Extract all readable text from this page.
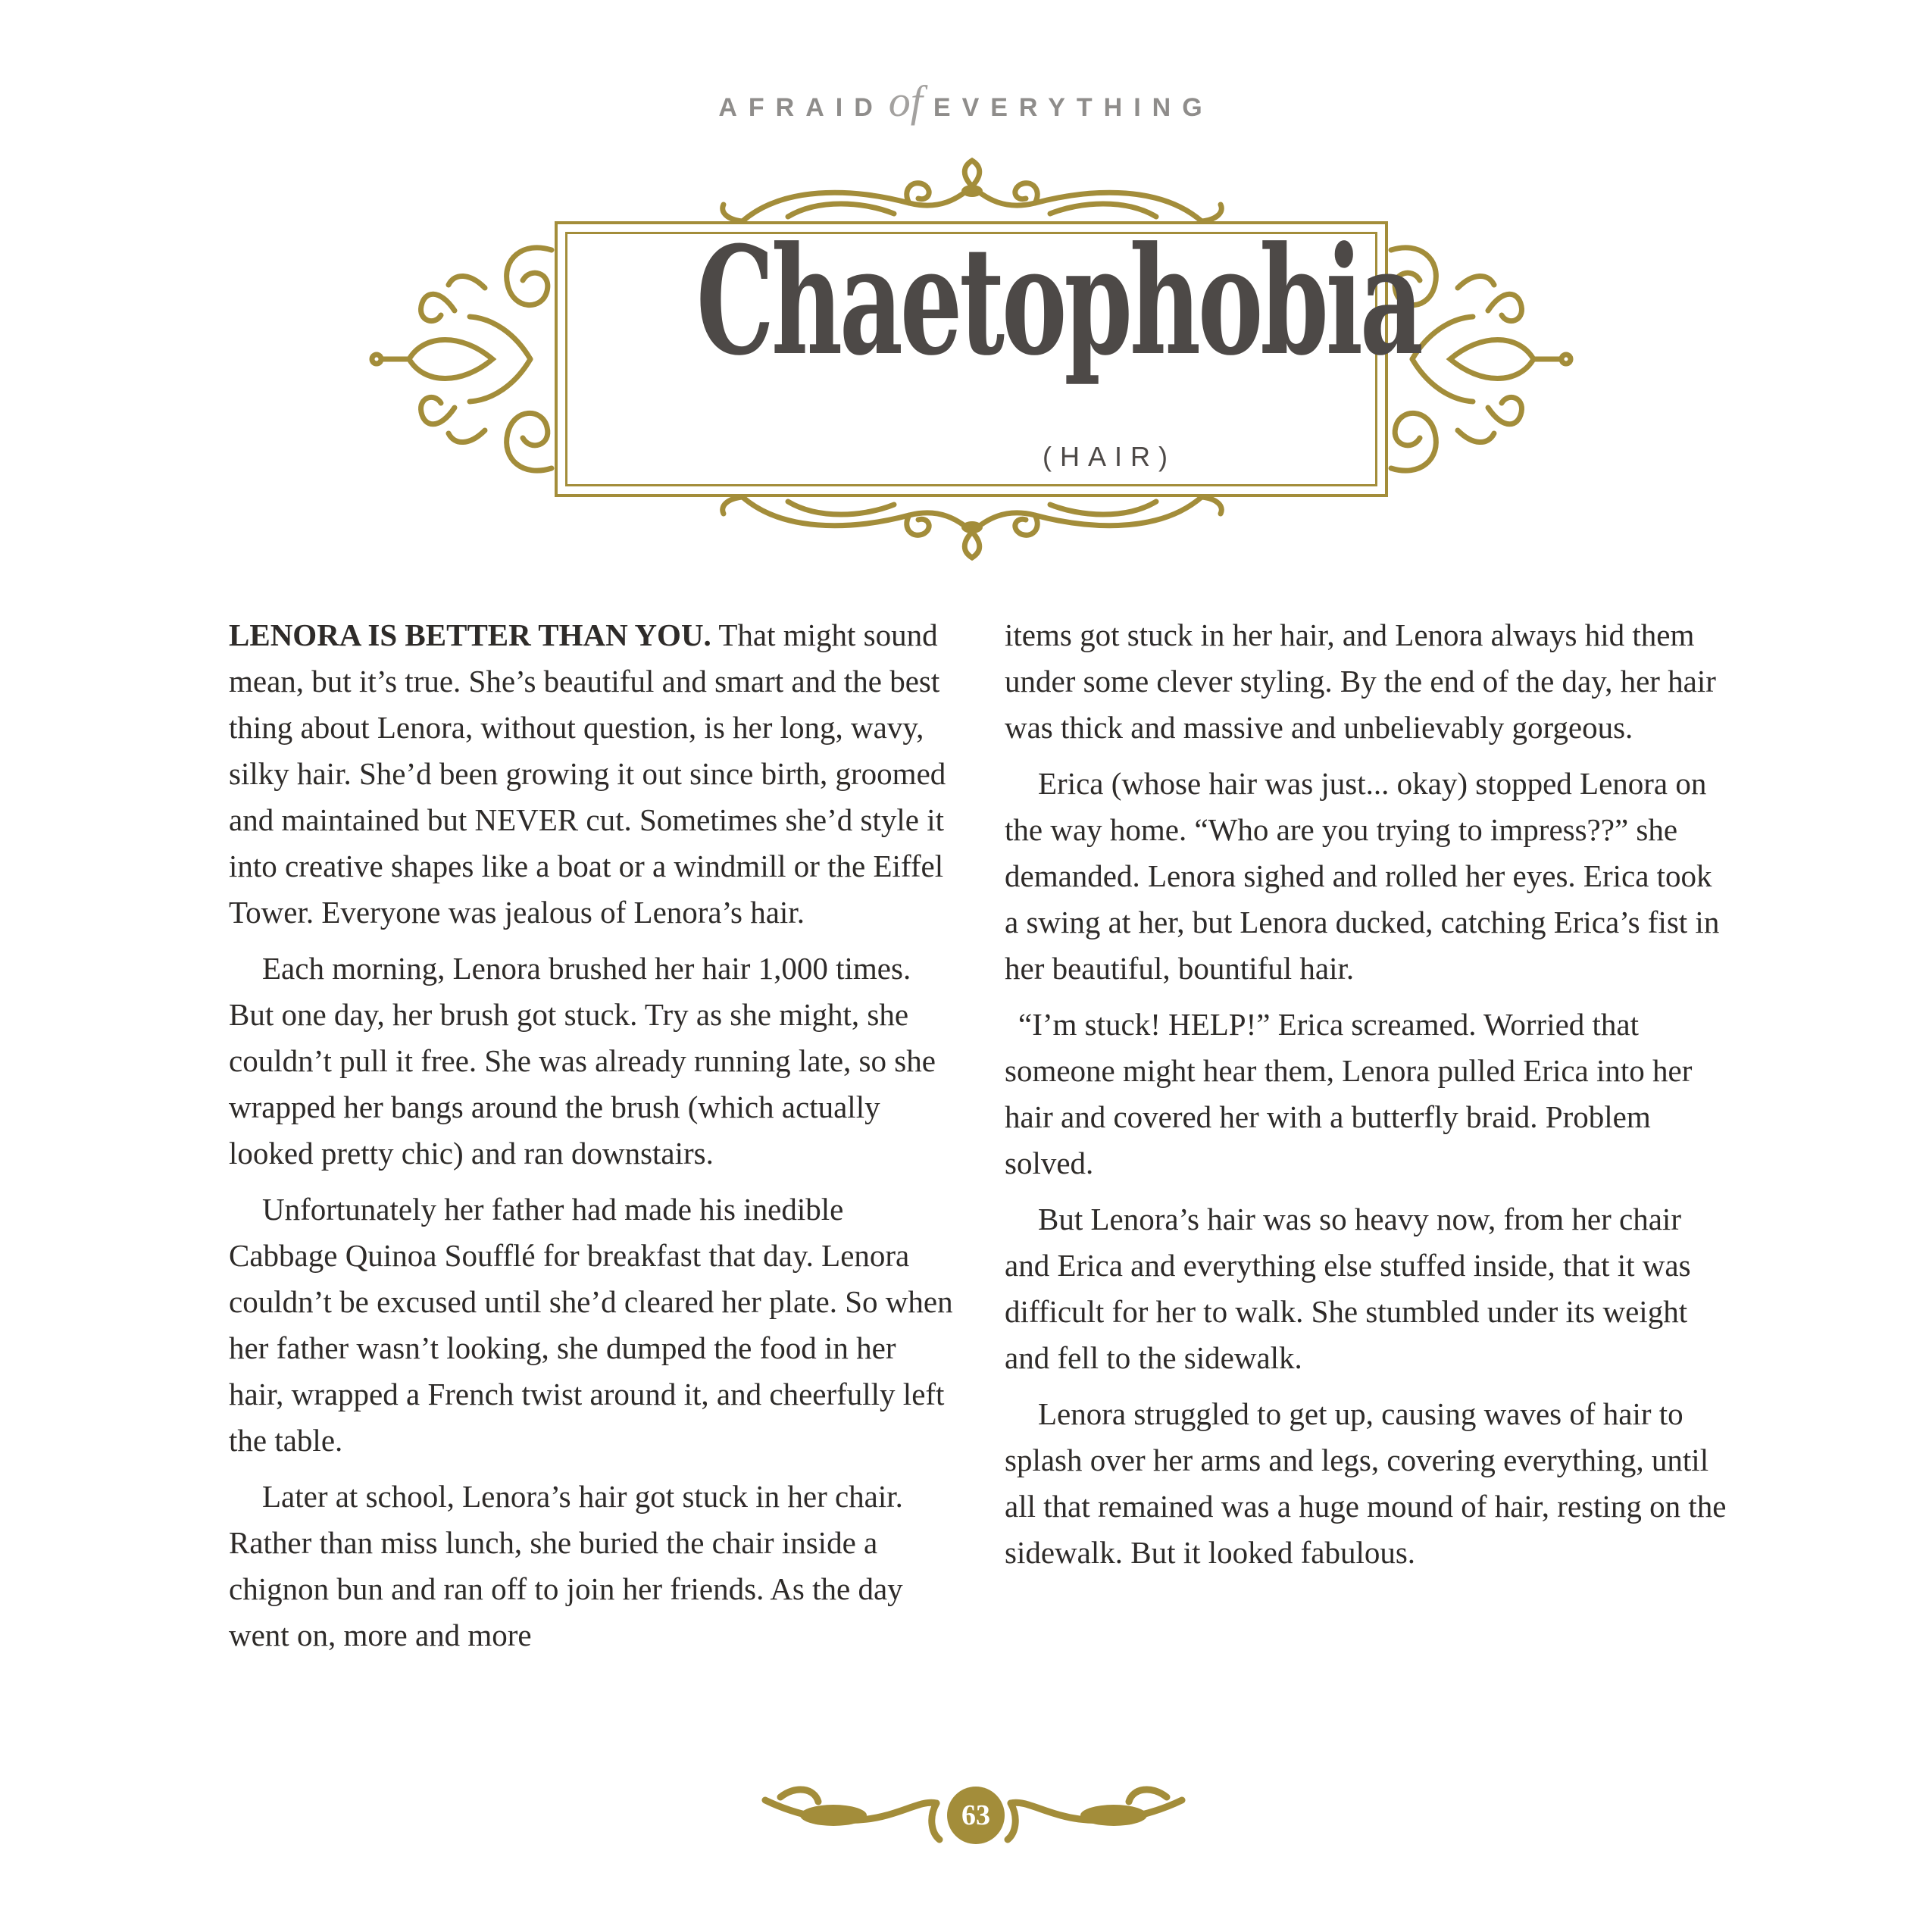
AFRAID of EVERYTHING
Chaetophobia
(HAIR)

LENORA IS BETTER THAN YOU. That might sound mean, but it’s true. She’s beautiful and smart and the best thing about Lenora, without question, is her long, wavy, silky hair. She’d been growing it out since birth, groomed and maintained but NEVER cut. Sometimes she’d style it into creative shapes like a boat or a windmill or the Eiffel Tower. Everyone was jealous of Lenora’s hair.

Each morning, Lenora brushed her hair 1,000 times. But one day, her brush got stuck. Try as she might, she couldn’t pull it free. She was already running late, so she wrapped her bangs around the brush (which actually looked pretty chic) and ran downstairs.

Unfortunately her father had made his inedible Cabbage Quinoa Soufflé for breakfast that day. Lenora couldn’t be excused until she’d cleared her plate. So when her father wasn’t looking, she dumped the food in her hair, wrapped a French twist around it, and cheerfully left the table.

Later at school, Lenora’s hair got stuck in her chair. Rather than miss lunch, she buried the chair inside a chignon bun and ran off to join her friends. As the day went on, more and more

items got stuck in her hair, and Lenora always hid them under some clever styling. By the end of the day, her hair was thick and massive and unbelievably gorgeous.

Erica (whose hair was just... okay) stopped Lenora on the way home. “Who are you trying to impress??” she demanded. Lenora sighed and rolled her eyes. Erica took a swing at her, but Lenora ducked, catching Erica’s fist in her beautiful, bountiful hair.

“I’m stuck! HELP!” Erica screamed. Worried that someone might hear them, Lenora pulled Erica into her hair and covered her with a butterfly braid. Problem solved.

But Lenora’s hair was so heavy now, from her chair and Erica and everything else stuffed inside, that it was difficult for her to walk. She stumbled under its weight and fell to the sidewalk.

Lenora struggled to get up, causing waves of hair to splash over her arms and legs, covering everything, until all that remained was a huge mound of hair, resting on the sidewalk. But it looked fabulous.

63
